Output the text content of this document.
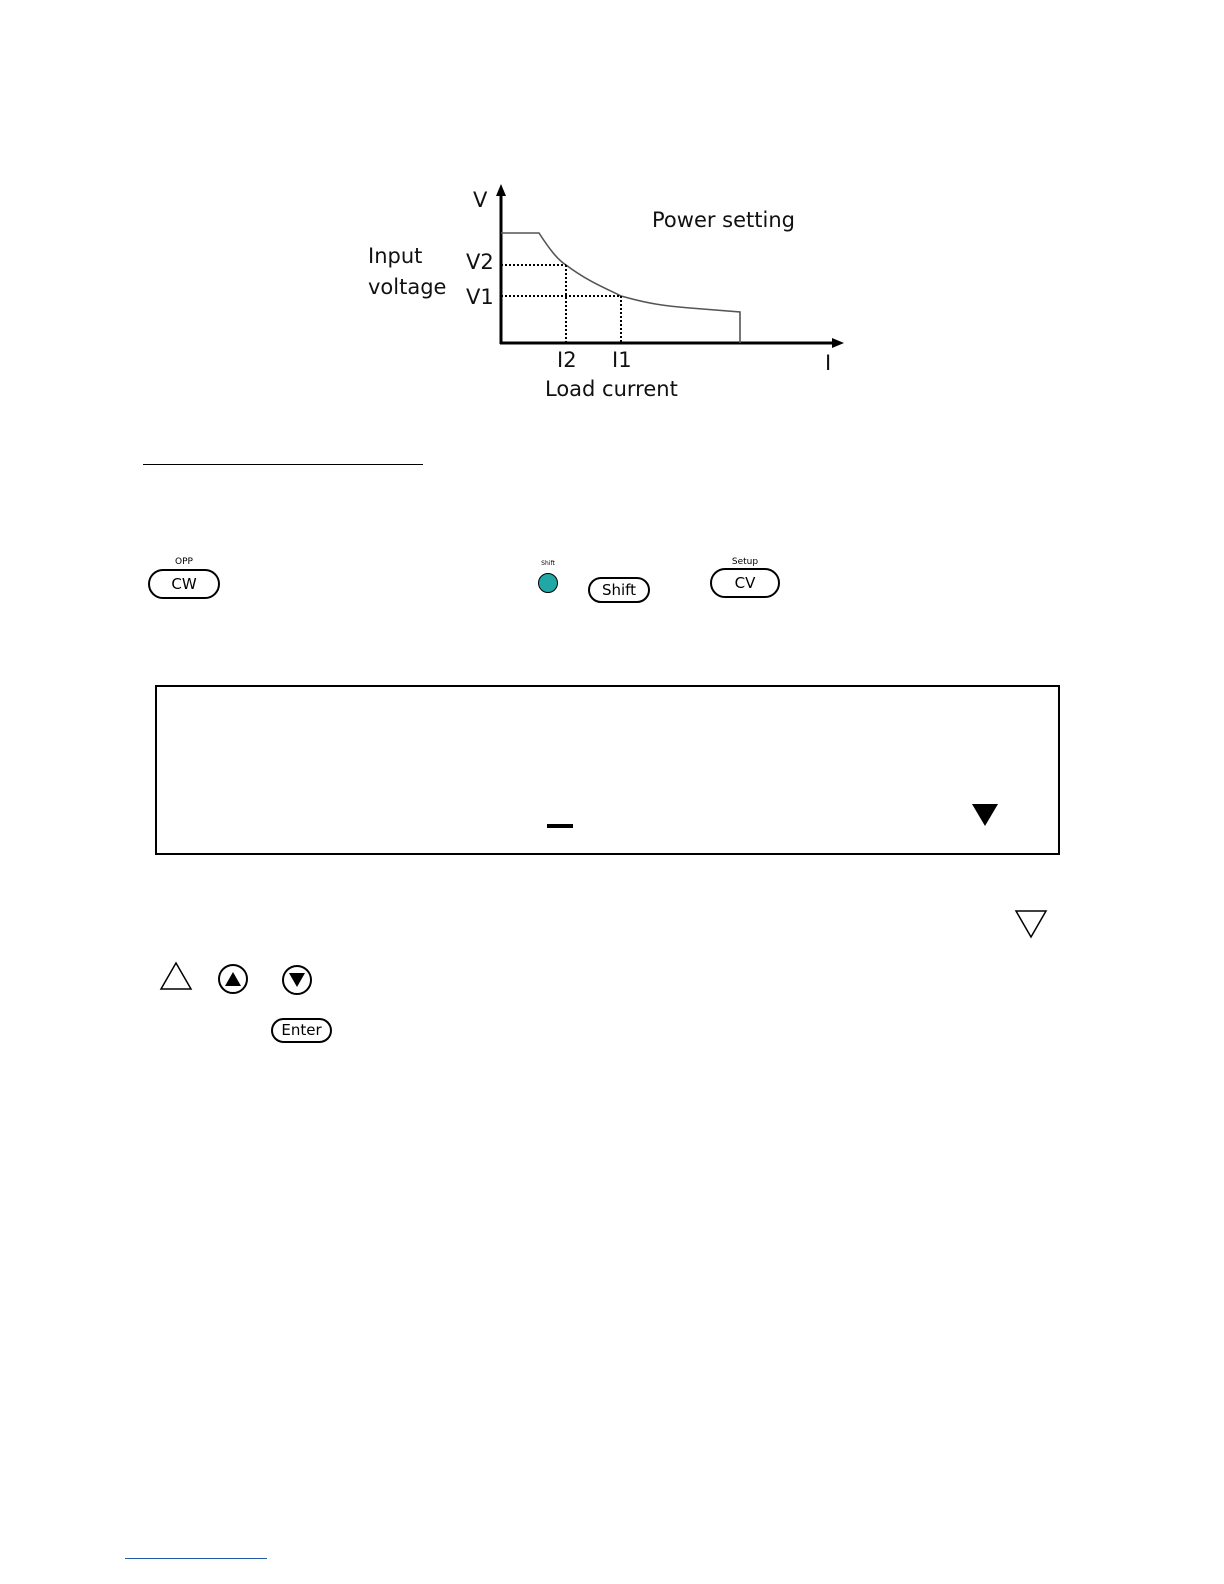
V
Power setting
Input
voltage
V2
V1
I2 I1	I
Load current
OPP
CW
Shift
Shift
Setup
CV
Enter
